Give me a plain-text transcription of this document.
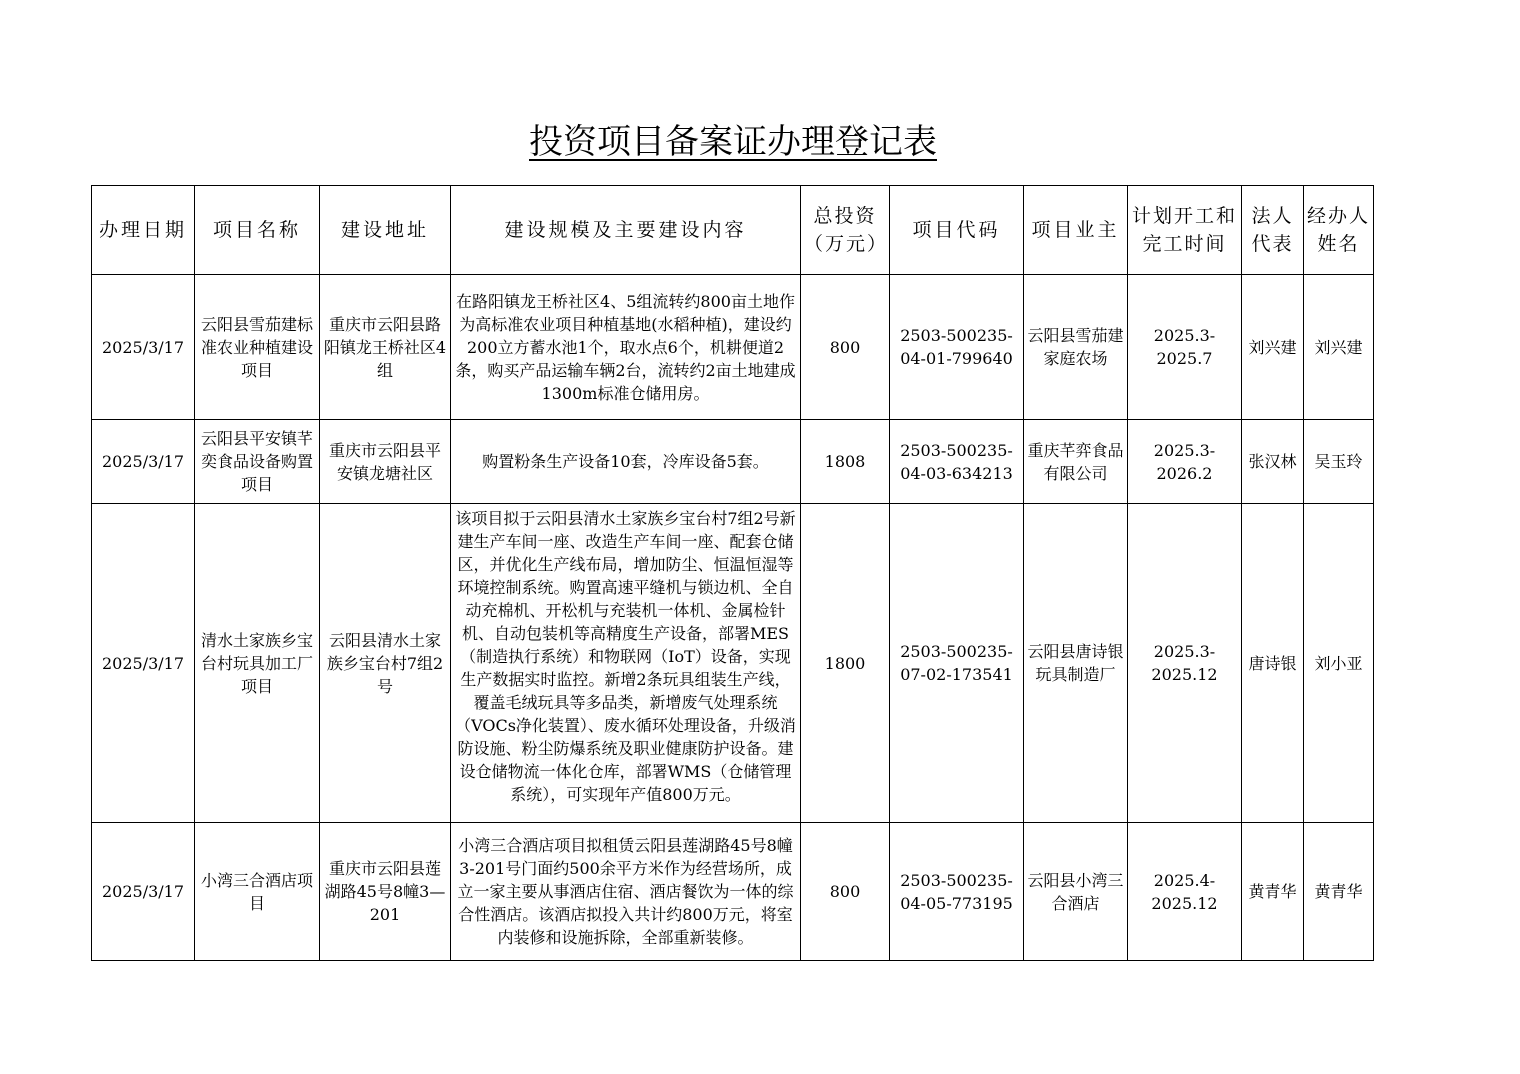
投资项目备案证办理登记表
办理日期	项目名称	建设地址	建设规模及主要建设内容	总投资（万元）	项目代码	项目业主	计划开工和完工时间	法人代表	经办人姓名
2025/3/17	云阳县雪茄建标准农业种植建设项目	重庆市云阳县路阳镇龙王桥社区4组	在路阳镇龙王桥社区4、5组流转约800亩土地作为高标准农业项目种植基地(水稻种植)，建设约200立方蓄水池1个，取水点6个，机耕便道2条，购买产品运输车辆2台，流转约2亩土地建成1300m标准仓储用房。	800	2503-500235-04-01-799640	云阳县雪茄建家庭农场	2025.3-2025.7	刘兴建	刘兴建
2025/3/17	云阳县平安镇芊奕食品设备购置项目	重庆市云阳县平安镇龙塘社区	购置粉条生产设备10套，冷库设备5套。	1808	2503-500235-04-03-634213	重庆芊弈食品有限公司	2025.3-2026.2	张汉林	吴玉玲
2025/3/17	清水土家族乡宝台村玩具加工厂项目	云阳县清水土家族乡宝台村7组2号	该项目拟于云阳县清水土家族乡宝台村7组2号新建生产车间一座、改造生产车间一座、配套仓储区，并优化生产线布局，增加防尘、恒温恒湿等环境控制系统。购置高速平缝机与锁边机、全自动充棉机、开松机与充装机一体机、金属检针机、自动包装机等高精度生产设备，部署MES（制造执行系统）和物联网（IoT）设备，实现生产数据实时监控。新增2条玩具组装生产线，覆盖毛绒玩具等多品类，新增废气处理系统（VOCs净化装置）、废水循环处理设备，升级消防设施、粉尘防爆系统及职业健康防护设备。建设仓储物流一体化仓库，部署WMS（仓储管理系统），可实现年产值800万元。	1800	2503-500235-07-02-173541	云阳县唐诗银玩具制造厂	2025.3-2025.12	唐诗银	刘小亚
2025/3/17	小湾三合酒店项目	重庆市云阳县莲湖路45号8幢3—201	小湾三合酒店项目拟租赁云阳县莲湖路45号8幢3-201号门面约500余平方米作为经营场所，成立一家主要从事酒店住宿、酒店餐饮为一体的综合性酒店。该酒店拟投入共计约800万元，将室内装修和设施拆除，全部重新装修。	800	2503-500235-04-05-773195	云阳县小湾三合酒店	2025.4-2025.12	黄青华	黄青华
